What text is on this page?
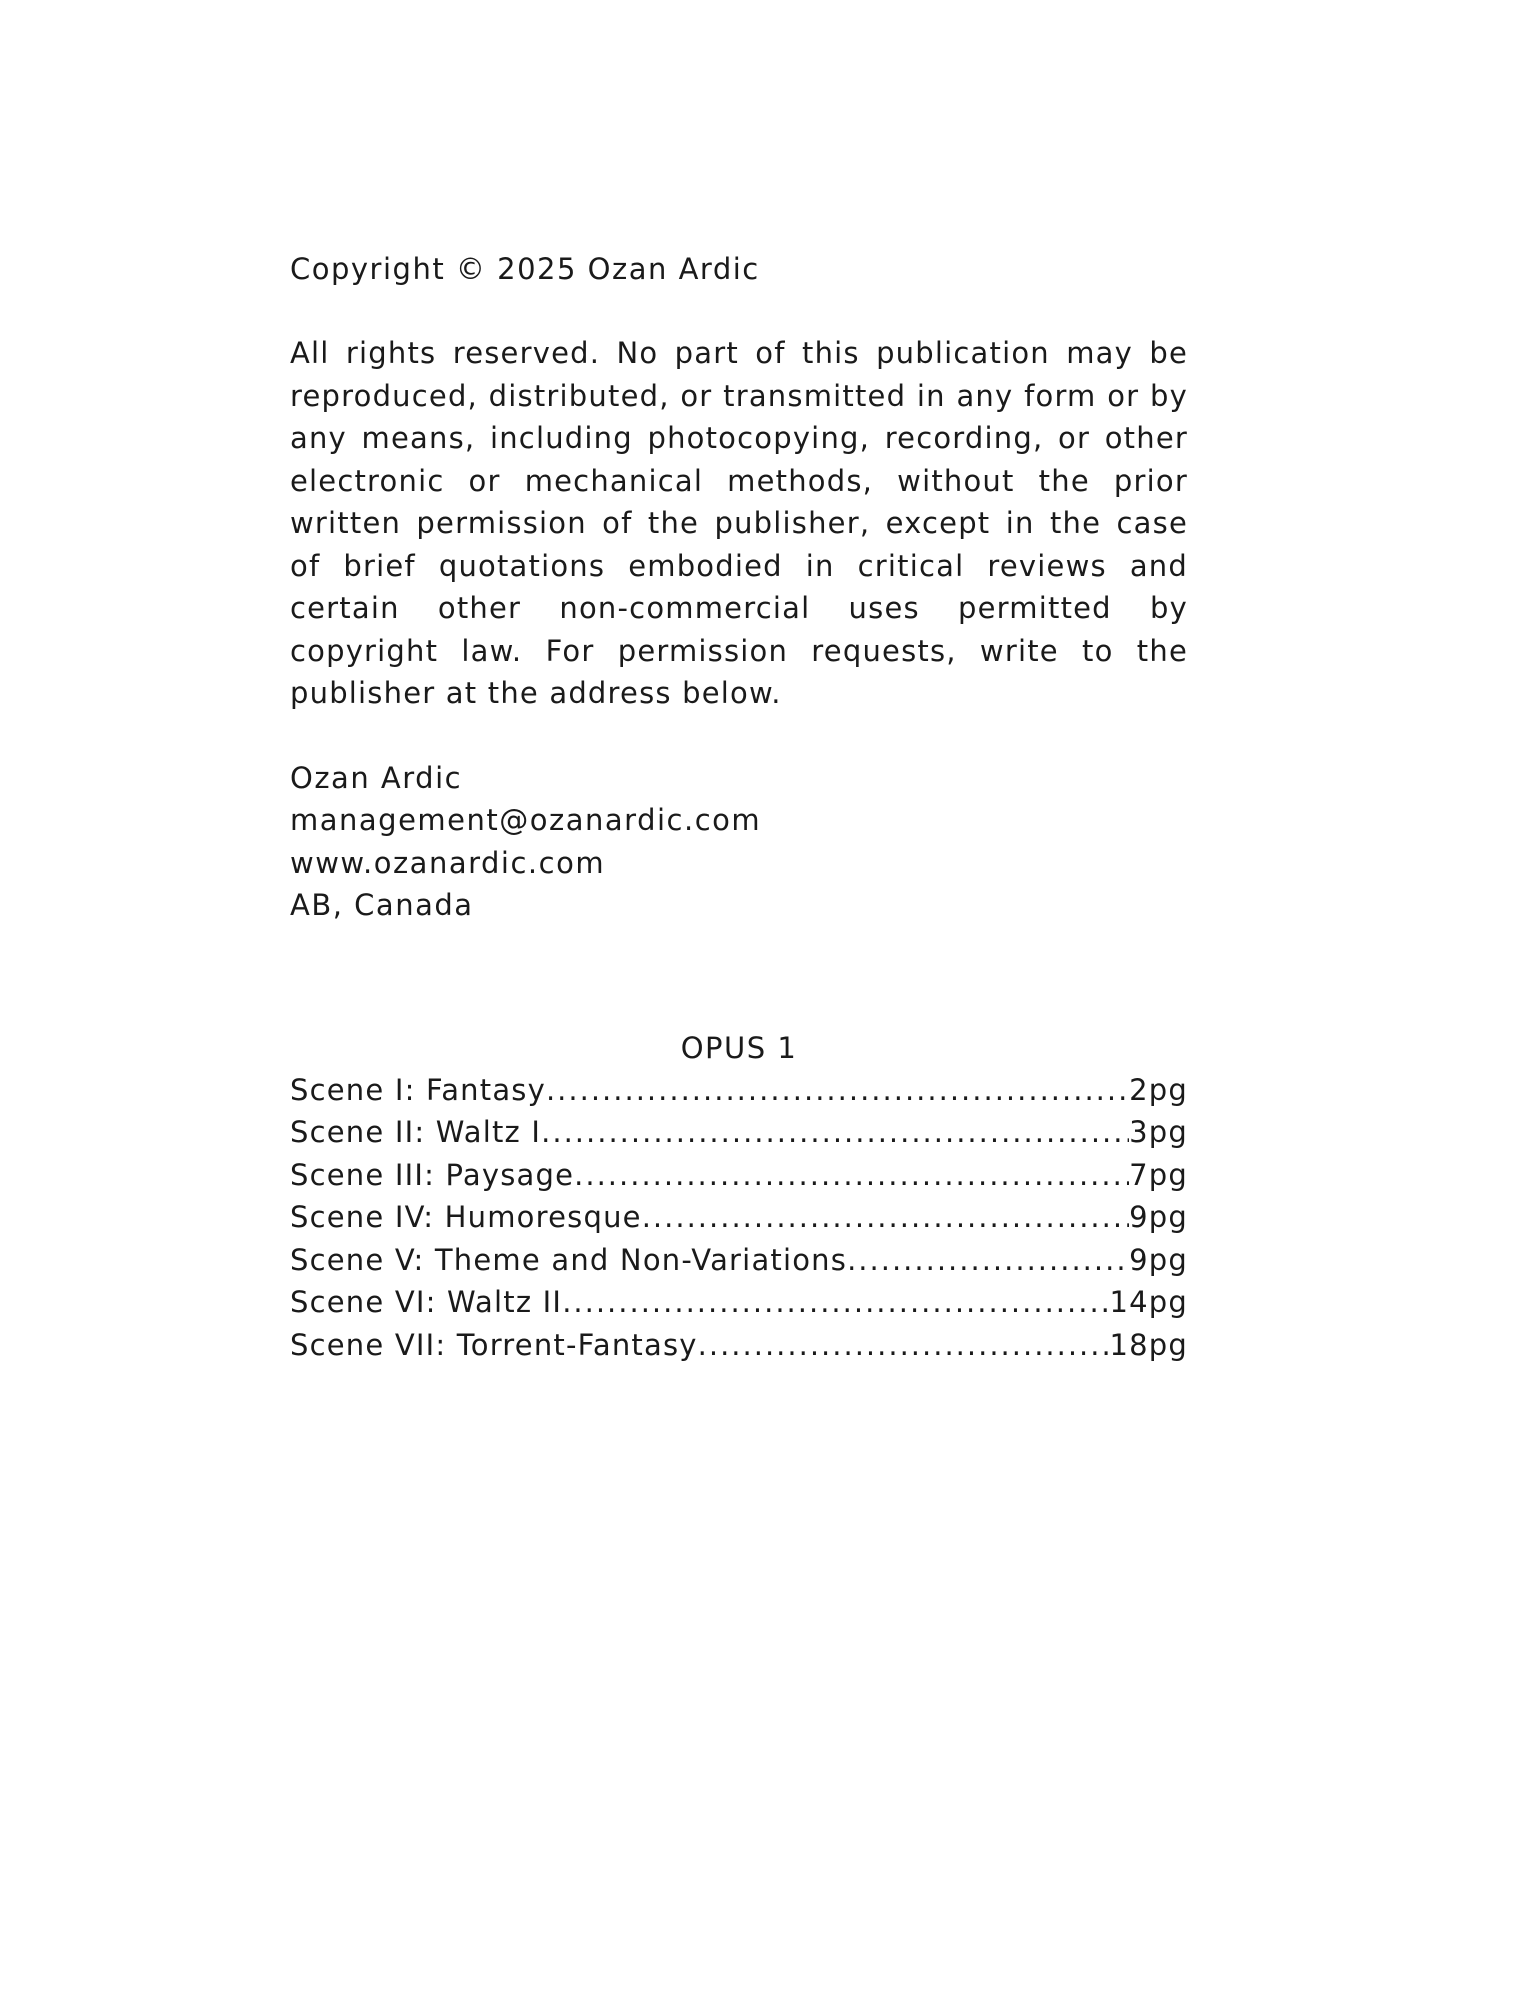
Copyright © 2025 Ozan Ardic

All rights reserved. No part of this publication may be reproduced, distributed, or transmitted in any form or by any means, including photocopying, recording, or other electronic or mechanical methods, without the prior written permission of the publisher, except in the case of brief quotations embodied in critical reviews and certain other non-commercial uses permitted by copyright law. For permission requests, write to the publisher at the address below.
Ozan Ardic
management@ozanardic.com
www.ozanardic.com
AB, Canada
OPUS 1
Scene I: Fantasy .....	2pg
Scene II: Waltz I .....	3pg
Scene III: Paysage .....	7pg
Scene IV: Humoresque .....	9pg
Scene V: Theme and Non-Variations .....	9pg
Scene VI: Waltz II .....	14pg
Scene VII: Torrent-Fantasy .....	18pg
